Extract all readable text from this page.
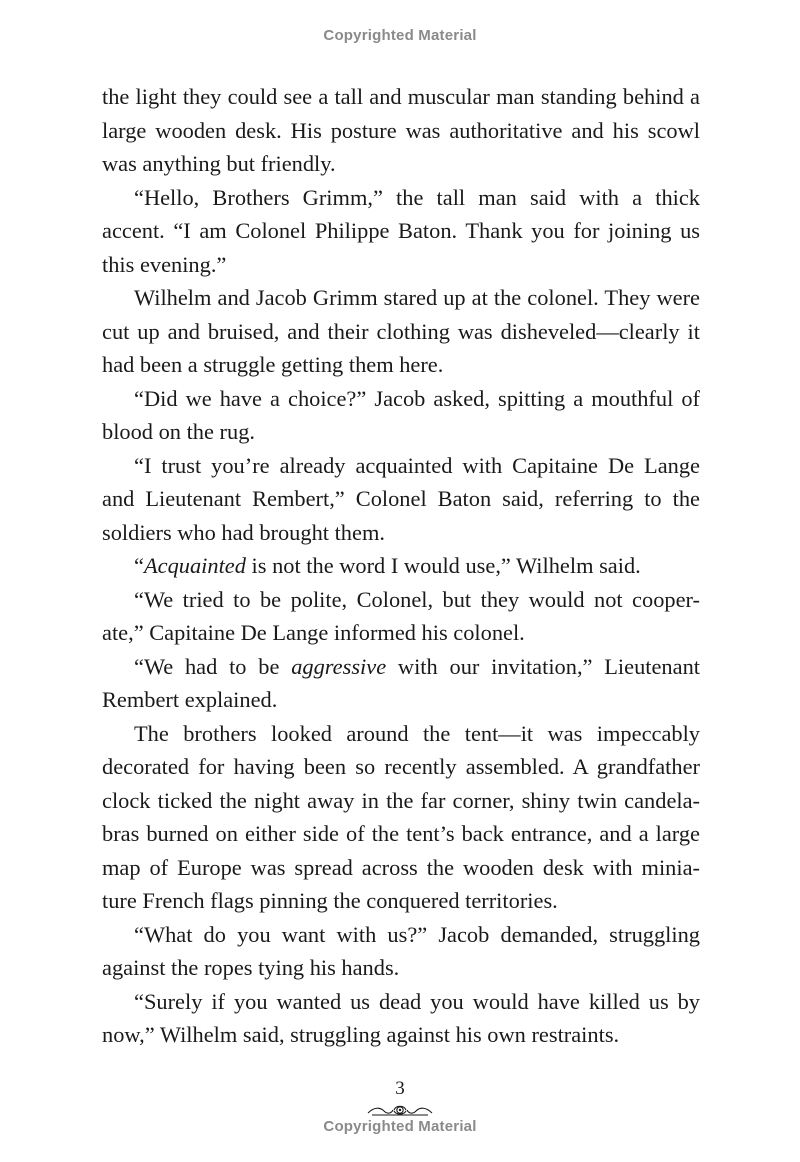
Copyrighted Material

the light they could see a tall and muscular man standing behind a large wooden desk. His posture was authoritative and his scowl was anything but friendly.

“Hello, Brothers Grimm,” the tall man said with a thick accent. “I am Colonel Philippe Baton. Thank you for joining us this evening.”

Wilhelm and Jacob Grimm stared up at the colonel. They were cut up and bruised, and their clothing was disheveled—clearly it had been a struggle getting them here.

“Did we have a choice?” Jacob asked, spitting a mouthful of blood on the rug.

“I trust you’re already acquainted with Capitaine De Lange and Lieutenant Rembert,” Colonel Baton said, referring to the soldiers who had brought them.

“Acquainted is not the word I would use,” Wilhelm said.

“We tried to be polite, Colonel, but they would not cooper-ate,” Capitaine De Lange informed his colonel.

“We had to be aggressive with our invitation,” Lieutenant Rembert explained.

The brothers looked around the tent—it was impeccably decorated for having been so recently assembled. A grandfather clock ticked the night away in the far corner, shiny twin candela-bras burned on either side of the tent’s back entrance, and a large map of Europe was spread across the wooden desk with minia-ture French flags pinning the conquered territories.

“What do you want with us?” Jacob demanded, struggling against the ropes tying his hands.

“Surely if you wanted us dead you would have killed us by now,” Wilhelm said, struggling against his own restraints.

3
Copyrighted Material
